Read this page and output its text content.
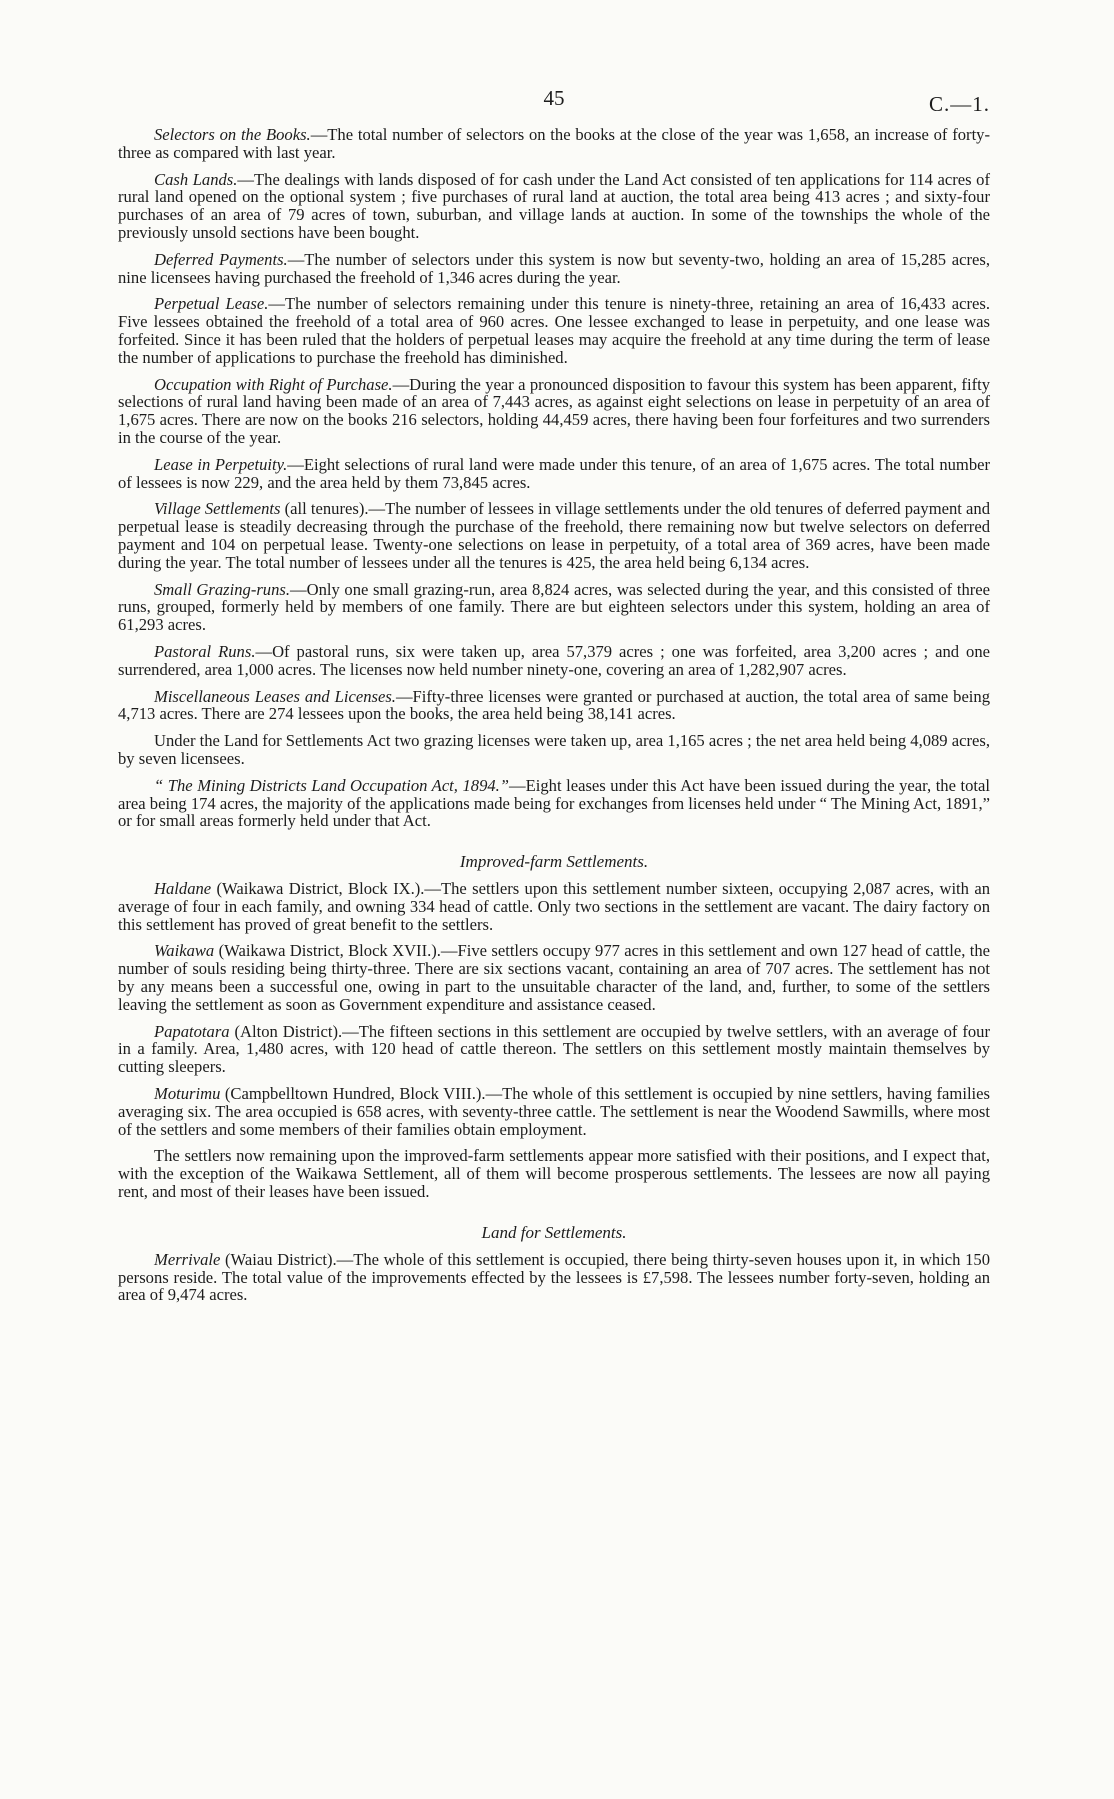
45	C.—1.

Selectors on the Books.—The total number of selectors on the books at the close of the year was 1,658, an increase of forty-three as compared with last year.

Cash Lands.—The dealings with lands disposed of for cash under the Land Act consisted of ten applications for 114 acres of rural land opened on the optional system ; five purchases of rural land at auction, the total area being 413 acres ; and sixty-four purchases of an area of 79 acres of town, suburban, and village lands at auction. In some of the townships the whole of the previously unsold sections have been bought.

Deferred Payments.—The number of selectors under this system is now but seventy-two, holding an area of 15,285 acres, nine licensees having purchased the freehold of 1,346 acres during the year.

Perpetual Lease.—The number of selectors remaining under this tenure is ninety-three, retaining an area of 16,433 acres. Five lessees obtained the freehold of a total area of 960 acres. One lessee exchanged to lease in perpetuity, and one lease was forfeited. Since it has been ruled that the holders of perpetual leases may acquire the freehold at any time during the term of lease the number of applications to purchase the freehold has diminished.

Occupation with Right of Purchase.—During the year a pronounced disposition to favour this system has been apparent, fifty selections of rural land having been made of an area of 7,443 acres, as against eight selections on lease in perpetuity of an area of 1,675 acres. There are now on the books 216 selectors, holding 44,459 acres, there having been four forfeitures and two surrenders in the course of the year.

Lease in Perpetuity.—Eight selections of rural land were made under this tenure, of an area of 1,675 acres. The total number of lessees is now 229, and the area held by them 73,845 acres.

Village Settlements (all tenures).—The number of lessees in village settlements under the old tenures of deferred payment and perpetual lease is steadily decreasing through the purchase of the freehold, there remaining now but twelve selectors on deferred payment and 104 on perpetual lease. Twenty-one selections on lease in perpetuity, of a total area of 369 acres, have been made during the year. The total number of lessees under all the tenures is 425, the area held being 6,134 acres.

Small Grazing-runs.—Only one small grazing-run, area 8,824 acres, was selected during the year, and this consisted of three runs, grouped, formerly held by members of one family. There are but eighteen selectors under this system, holding an area of 61,293 acres.

Pastoral Runs.—Of pastoral runs, six were taken up, area 57,379 acres ; one was forfeited, area 3,200 acres ; and one surrendered, area 1,000 acres. The licenses now held number ninety-one, covering an area of 1,282,907 acres.

Miscellaneous Leases and Licenses.—Fifty-three licenses were granted or purchased at auction, the total area of same being 4,713 acres. There are 274 lessees upon the books, the area held being 38,141 acres.

Under the Land for Settlements Act two grazing licenses were taken up, area 1,165 acres ; the net area held being 4,089 acres, by seven licensees.

“ The Mining Districts Land Occupation Act, 1894.”—Eight leases under this Act have been issued during the year, the total area being 174 acres, the majority of the applications made being for exchanges from licenses held under “ The Mining Act, 1891,” or for small areas formerly held under that Act.

Improved-farm Settlements.

Haldane (Waikawa District, Block IX.).—The settlers upon this settlement number sixteen, occupying 2,087 acres, with an average of four in each family, and owning 334 head of cattle. Only two sections in the settlement are vacant. The dairy factory on this settlement has proved of great benefit to the settlers.

Waikawa (Waikawa District, Block XVII.).—Five settlers occupy 977 acres in this settlement and own 127 head of cattle, the number of souls residing being thirty-three. There are six sections vacant, containing an area of 707 acres. The settlement has not by any means been a successful one, owing in part to the unsuitable character of the land, and, further, to some of the settlers leaving the settlement as soon as Government expenditure and assistance ceased.

Papatotara (Alton District).—The fifteen sections in this settlement are occupied by twelve settlers, with an average of four in a family. Area, 1,480 acres, with 120 head of cattle thereon. The settlers on this settlement mostly maintain themselves by cutting sleepers.

Moturimu (Campbelltown Hundred, Block VIII.).—The whole of this settlement is occupied by nine settlers, having families averaging six. The area occupied is 658 acres, with seventy-three cattle. The settlement is near the Woodend Sawmills, where most of the settlers and some members of their families obtain employment.

The settlers now remaining upon the improved-farm settlements appear more satisfied with their positions, and I expect that, with the exception of the Waikawa Settlement, all of them will become prosperous settlements. The lessees are now all paying rent, and most of their leases have been issued.

Land for Settlements.

Merrivale (Waiau District).—The whole of this settlement is occupied, there being thirty-seven houses upon it, in which 150 persons reside. The total value of the improvements effected by the lessees is £7,598. The lessees number forty-seven, holding an area of 9,474 acres.
